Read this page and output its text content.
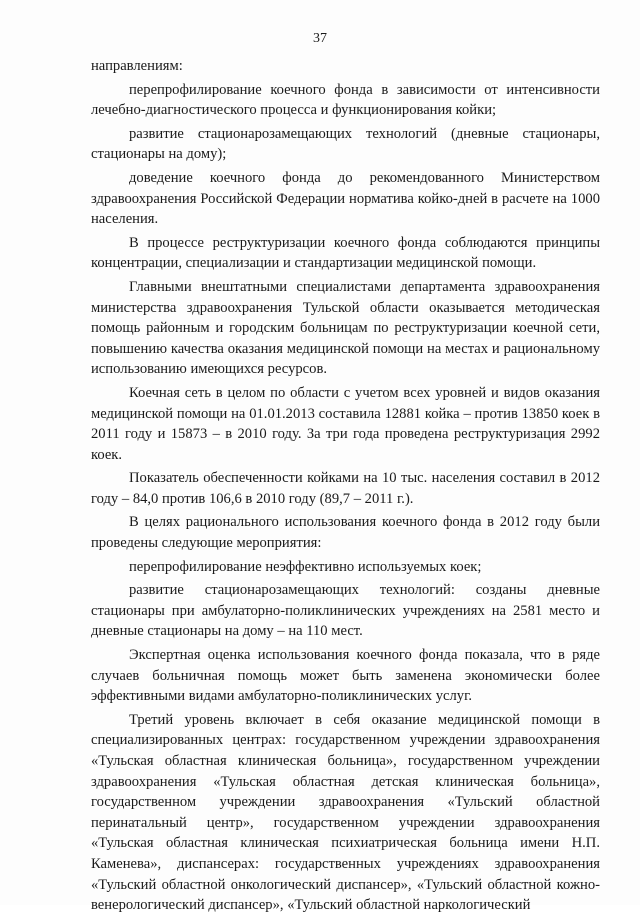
37

направлениям:

перепрофилирование коечного фонда в зависимости от интенсивности лечебно-диагностического процесса и функционирования койки;

развитие стационарозамещающих технологий (дневные стационары, стационары на дому);

доведение коечного фонда до рекомендованного Министерством здравоохранения Российской Федерации норматива койко-дней в расчете на 1000 населения.

В процессе реструктуризации коечного фонда соблюдаются принципы концентрации, специализации и стандартизации медицинской помощи.

Главными внештатными специалистами департамента здравоохранения министерства здравоохранения Тульской области оказывается методическая помощь районным и городским больницам по реструктуризации коечной сети, повышению качества оказания медицинской помощи на местах и рациональному использованию имеющихся ресурсов.

Коечная сеть в целом по области с учетом всех уровней и видов оказания медицинской помощи на 01.01.2013 составила 12881 койка – против 13850 коек в 2011 году и 15873 – в 2010 году. За три года проведена реструктуризация 2992 коек.

Показатель обеспеченности койками на 10 тыс. населения составил в 2012 году – 84,0 против 106,6 в 2010 году (89,7 – 2011 г.).

В целях рационального использования коечного фонда в 2012 году были проведены следующие мероприятия:

перепрофилирование неэффективно используемых коек;

развитие стационарозамещающих технологий: созданы дневные стационары при амбулаторно-поликлинических учреждениях на 2581 место и дневные стационары на дому – на 110 мест.

Экспертная оценка использования коечного фонда показала, что в ряде случаев больничная помощь может быть заменена экономически более эффективными видами амбулаторно-поликлинических услуг.

Третий уровень включает в себя оказание медицинской помощи в специализированных центрах: государственном учреждении здравоохранения «Тульская областная клиническая больница», государственном учреждении здравоохранения «Тульская областная детская клиническая больница», государственном учреждении здравоохранения «Тульский областной перинатальный центр», государственном учреждении здравоохранения «Тульская областная клиническая психиатрическая больница имени Н.П. Каменева», диспансерах: государственных учреждениях здравоохранения «Тульский областной онкологический диспансер», «Тульский областной кожно-венерологический диспансер», «Тульский областной наркологический
